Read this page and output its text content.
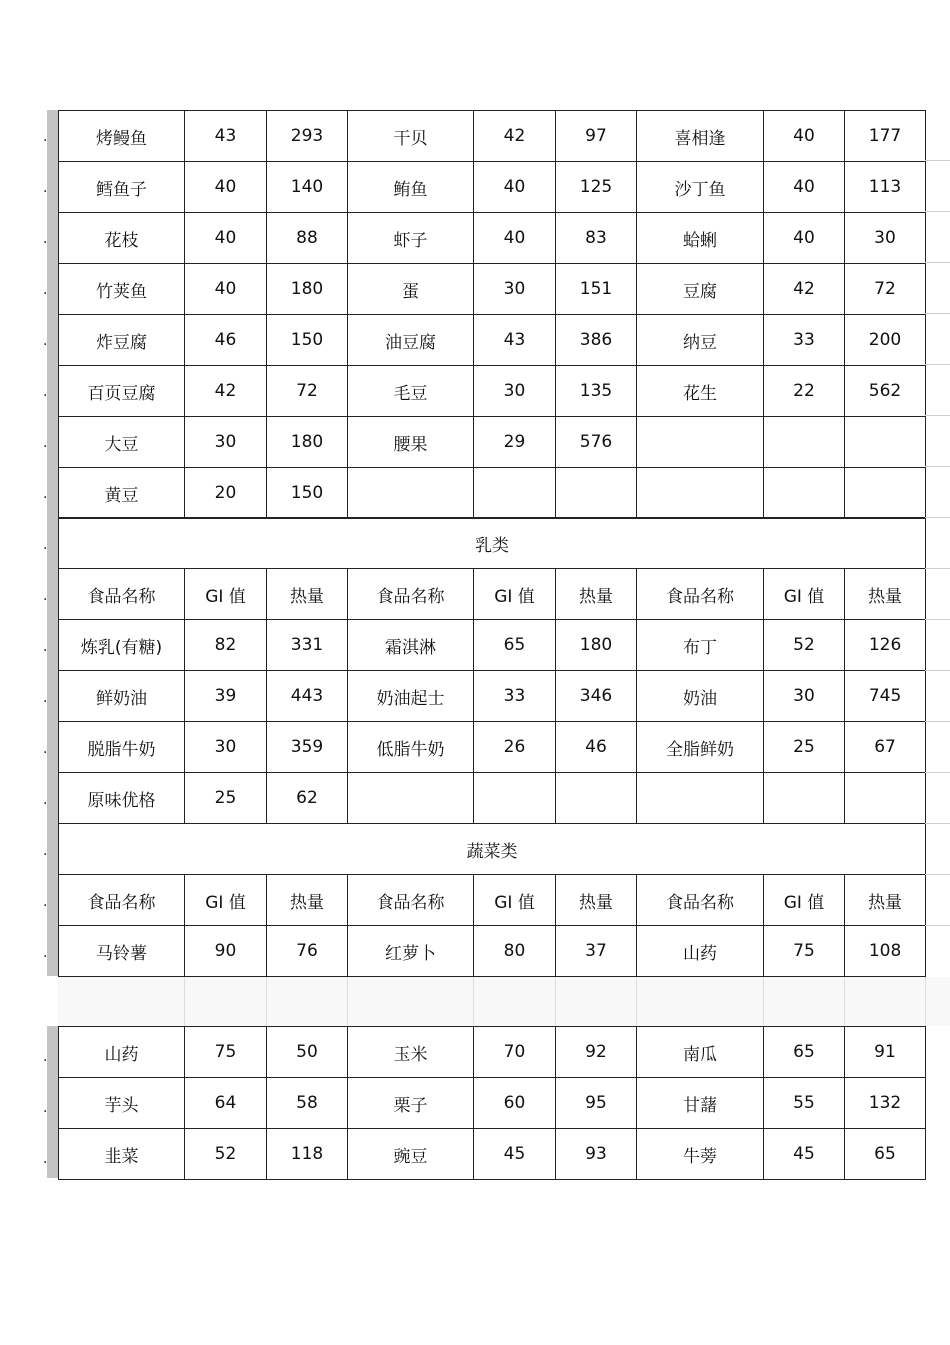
烤鳗鱼	43	293	干贝	42	97	喜相逢	40	177
鳕鱼子	40	140	鲔鱼	40	125	沙丁鱼	40	113
花枝	40	88	虾子	40	83	蛤蜊	40	30
竹荚鱼	40	180	蛋	30	151	豆腐	42	72
炸豆腐	46	150	油豆腐	43	386	纳豆	33	200
百页豆腐	42	72	毛豆	30	135	花生	22	562
大豆	30	180	腰果	29	576			
黄豆	20	150						
乳类								
食品名称	GI 值	热量	食品名称	GI 值	热量	食品名称	GI 值	热量
炼乳(有糖)	82	331	霜淇淋	65	180	布丁	52	126
鲜奶油	39	443	奶油起士	33	346	奶油	30	745
脱脂牛奶	30	359	低脂牛奶	26	46	全脂鲜奶	25	67
原味优格	25	62						
蔬菜类								
食品名称	GI 值	热量	食品名称	GI 值	热量	食品名称	GI 值	热量
马铃薯	90	76	红萝卜	80	37	山药	75	108
山药	75	50	玉米	70	92	南瓜	65	91
芋头	64	58	栗子	60	95	甘藷	55	132
韭菜	52	118	豌豆	45	93	牛蒡	45	65
.
.
.
.
.
.
.
.
.
.
.
.
.
.
.
.
.
.
.
.
